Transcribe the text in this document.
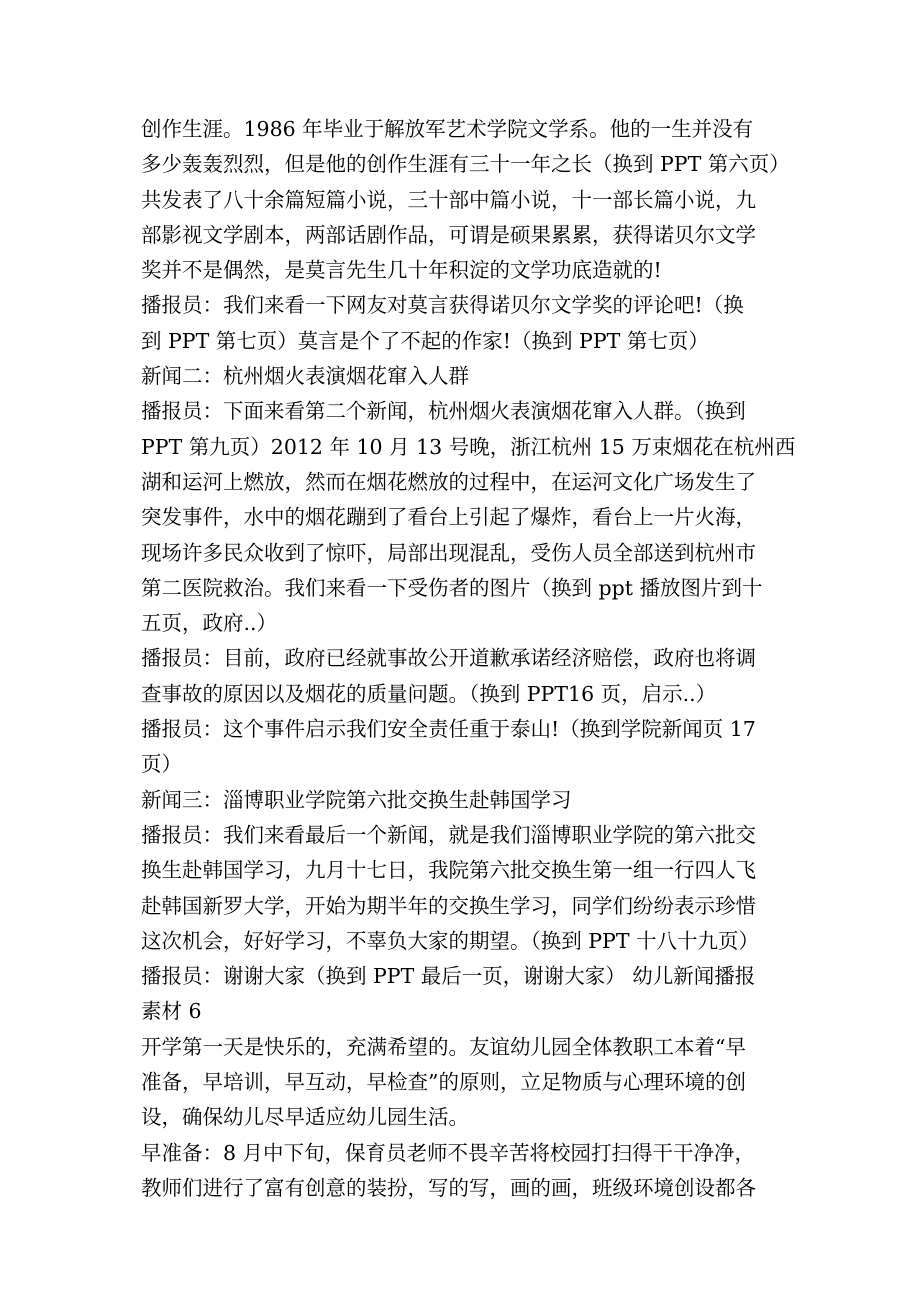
创作生涯。1986 年毕业于解放军艺术学院文学系。他的一生并没有
多少轰轰烈烈，但是他的创作生涯有三十一年之长（换到 PPT 第六页）
共发表了八十余篇短篇小说，三十部中篇小说，十一部长篇小说，九
部影视文学剧本，两部话剧作品，可谓是硕果累累，获得诺贝尔文学
奖并不是偶然，是莫言先生几十年积淀的文学功底造就的!
播报员：我们来看一下网友对莫言获得诺贝尔文学奖的评论吧!（换
到 PPT 第七页）莫言是个了不起的作家!（换到 PPT 第七页）
新闻二：杭州烟火表演烟花窜入人群
播报员：下面来看第二个新闻，杭州烟火表演烟花窜入人群。（换到
PPT 第九页）2012 年 10 月 13 号晚，浙江杭州 15 万束烟花在杭州西
湖和运河上燃放，然而在烟花燃放的过程中，在运河文化广场发生了
突发事件，水中的烟花蹦到了看台上引起了爆炸，看台上一片火海，
现场许多民众收到了惊吓，局部出现混乱，受伤人员全部送到杭州市
第二医院救治。我们来看一下受伤者的图片（换到 ppt 播放图片到十
五页，政府..）
播报员：目前，政府已经就事故公开道歉承诺经济赔偿，政府也将调
查事故的原因以及烟花的质量问题。（换到 PPT16 页，启示..）
播报员：这个事件启示我们安全责任重于泰山!（换到学院新闻页 17
页）
新闻三：淄博职业学院第六批交换生赴韩国学习
播报员：我们来看最后一个新闻，就是我们淄博职业学院的第六批交
换生赴韩国学习，九月十七日，我院第六批交换生第一组一行四人飞
赴韩国新罗大学，开始为期半年的交换生学习，同学们纷纷表示珍惜
这次机会，好好学习，不辜负大家的期望。（换到 PPT 十八十九页）
播报员：谢谢大家（换到 PPT 最后一页，谢谢大家） 幼儿新闻播报
素材 6
开学第一天是快乐的，充满希望的。友谊幼儿园全体教职工本着“早
准备，早培训，早互动，早检查”的原则，立足物质与心理环境的创
设，确保幼儿尽早适应幼儿园生活。
早准备：8 月中下旬，保育员老师不畏辛苦将校园打扫得干干净净，
教师们进行了富有创意的装扮，写的写，画的画，班级环境创设都各
